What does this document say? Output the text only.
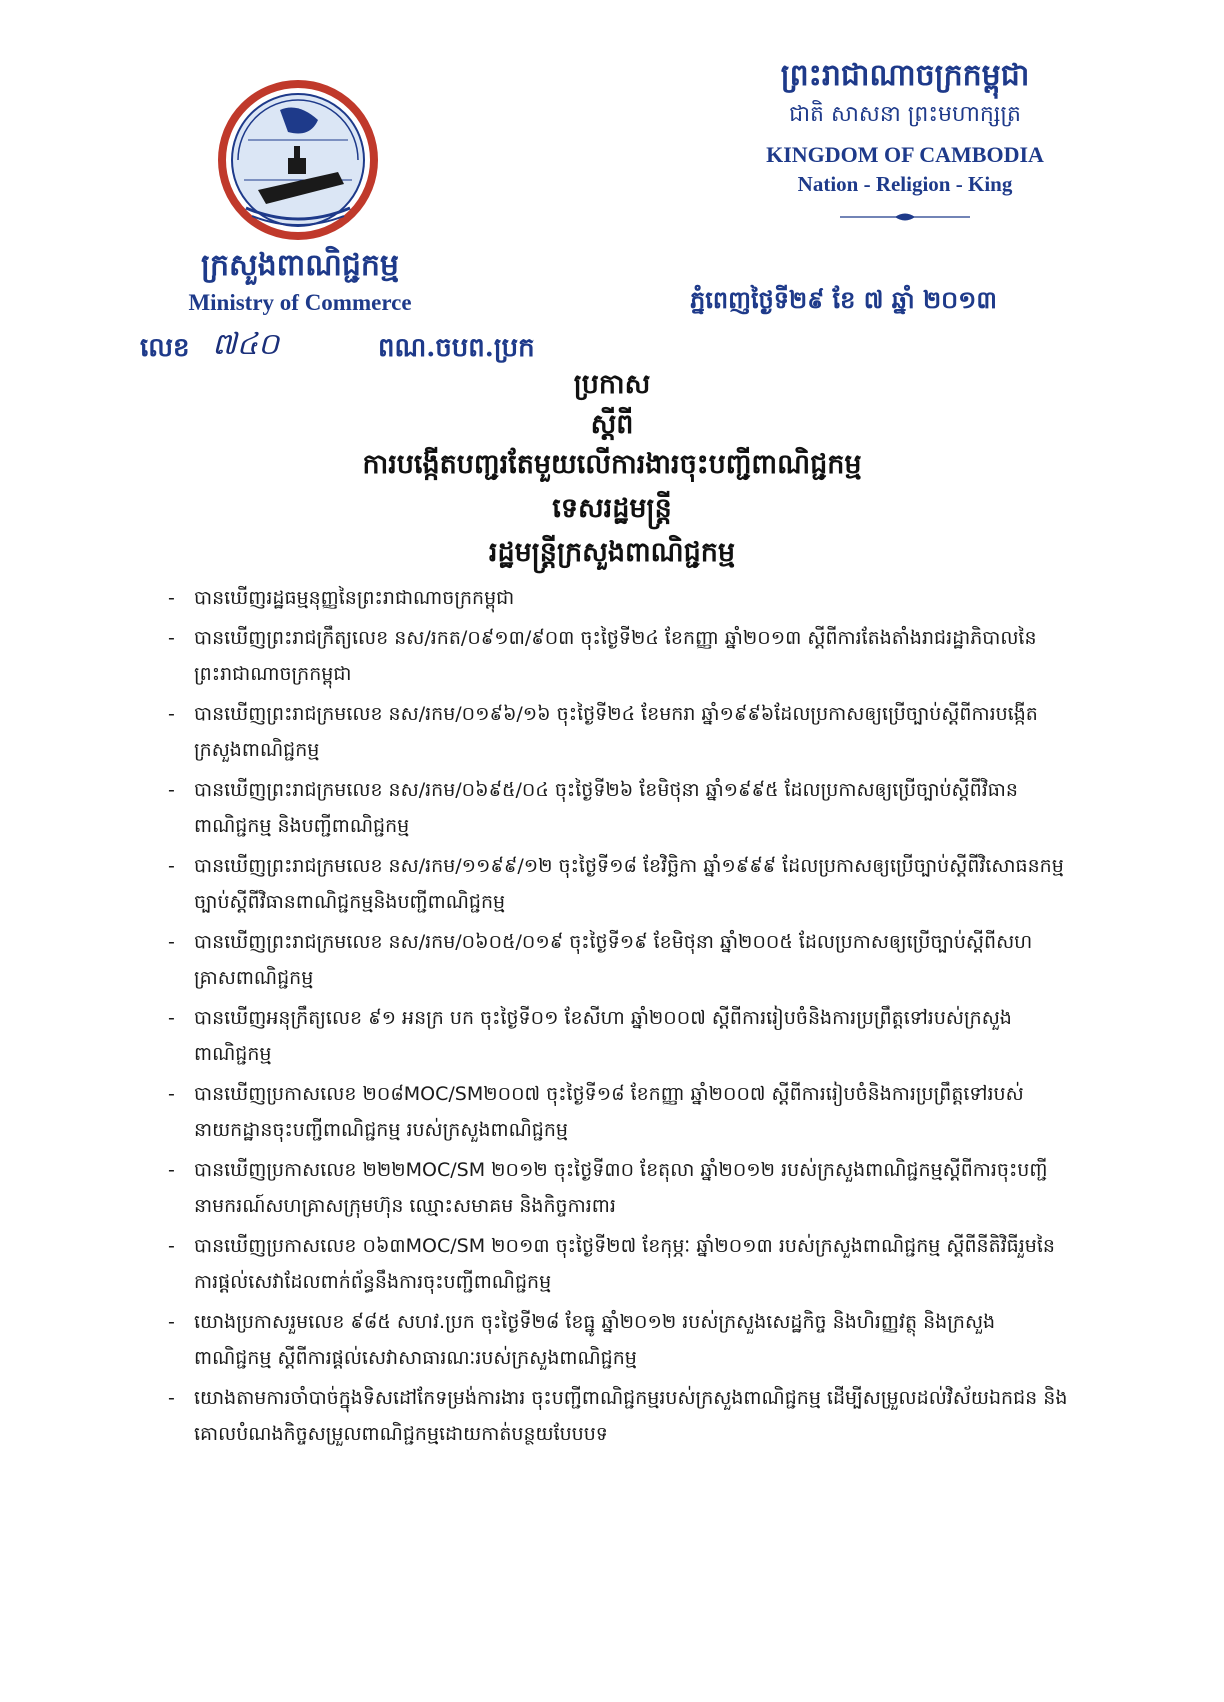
ក្រសួងពាណិជ្ជកម្ម
Ministry of Commerce
លេខ ៧៤០	ពណ.ចបព.ប្រក
ព្រះរាជាណាចក្រកម្ពុជា
ជាតិ សាសនា ព្រះមហាក្សត្រ
KINGDOM OF CAMBODIA
Nation - Religion - King
ភ្នំពេញថ្ងៃទី២៩ ខែ ៧ ឆ្នាំ ២០១៣
ប្រកាស
ស្តីពី
ការបង្កើតបញ្ជរតែមួយលើការងារចុះបញ្ជីពាណិជ្ជកម្ម
ទេសរដ្ឋមន្ត្រី
រដ្ឋមន្ត្រីក្រសួងពាណិជ្ជកម្ម
- បានឃើញរដ្ឋធម្មនុញ្ញនៃព្រះរាជាណាចក្រកម្ពុជា
- បានឃើញព្រះរាជក្រឹត្យលេខ នស/រកត/០៩១៣/៩០៣ ចុះថ្ងៃទី២៤ ខែកញ្ញា ឆ្នាំ២០១៣ ស្តីពីការតែងតាំងរាជរដ្ឋាភិបាលនៃព្រះរាជាណាចក្រកម្ពុជា
- បានឃើញព្រះរាជក្រមលេខ នស/រកម/០១៩៦/១៦ ចុះថ្ងៃទី២៤ ខែមករា ឆ្នាំ១៩៩៦ដែលប្រកាសឲ្យប្រើច្បាប់ស្តីពីការបង្កើតក្រសួងពាណិជ្ជកម្ម
- បានឃើញព្រះរាជក្រមលេខ នស/រកម/០៦៩៥/០៤ ចុះថ្ងៃទី២៦ ខែមិថុនា ឆ្នាំ១៩៩៥ ដែលប្រកាសឲ្យប្រើច្បាប់ស្តីពីវិធានពាណិជ្ជកម្ម និងបញ្ជីពាណិជ្ជកម្ម
- បានឃើញព្រះរាជក្រមលេខ នស/រកម/១១៩៩/១២ ចុះថ្ងៃទី១៨ ខែវិច្ឆិកា ឆ្នាំ១៩៩៩ ដែលប្រកាសឲ្យប្រើច្បាប់ស្តីពីវិសោធនកម្មច្បាប់ស្តីពីវិធានពាណិជ្ជកម្មនិងបញ្ជីពាណិជ្ជកម្ម
- បានឃើញព្រះរាជក្រមលេខ នស/រកម/០៦០៥/០១៩ ចុះថ្ងៃទី១៩ ខែមិថុនា ឆ្នាំ២០០៥ ដែលប្រកាសឲ្យប្រើច្បាប់ស្តីពីសហគ្រាសពាណិជ្ជកម្ម
- បានឃើញអនុក្រឹត្យលេខ ៩១ អនក្រ បក ចុះថ្ងៃទី០១ ខែសីហា ឆ្នាំ២០០៧ ស្តីពីការរៀបចំនិងការប្រព្រឹត្តទៅរបស់ក្រសួងពាណិជ្ជកម្ម
- បានឃើញប្រកាសលេខ ២០៨MOC/SM២០០៧ ចុះថ្ងៃទី១៨ ខែកញ្ញា ឆ្នាំ២០០៧ ស្តីពីការរៀបចំនិងការប្រព្រឹត្តទៅរបស់នាយកដ្ឋានចុះបញ្ជីពាណិជ្ជកម្ម របស់ក្រសួងពាណិជ្ជកម្ម
- បានឃើញប្រកាសលេខ ២២២MOC/SM ២០១២ ចុះថ្ងៃទី៣០ ខែតុលា ឆ្នាំ២០១២ របស់ក្រសួងពាណិជ្ជកម្មស្តីពីការចុះបញ្ជីនាមករណ៍សហគ្រាសក្រុមហ៊ុន ឈ្មោះសមាគម និងកិច្ចការពារ
- បានឃើញប្រកាសលេខ ០៦៣MOC/SM ២០១៣ ចុះថ្ងៃទី២៧ ខែកុម្ភៈ ឆ្នាំ២០១៣ របស់ក្រសួងពាណិជ្ជកម្ម ស្តីពីនីតិវិធីរួមនៃការផ្តល់សេវាដែលពាក់ព័ន្ធនឹងការចុះបញ្ជីពាណិជ្ជកម្ម
- យោងប្រកាសរួមលេខ ៩៨៥ សហវ.ប្រក ចុះថ្ងៃទី២៨ ខែធ្នូ ឆ្នាំ២០១២ របស់ក្រសួងសេដ្ឋកិច្ច និងហិរញ្ញវត្ថុ និងក្រសួងពាណិជ្ជកម្ម ស្តីពីការផ្តល់សេវាសាធារណៈរបស់ក្រសួងពាណិជ្ជកម្ម
- យោងតាមការចាំបាច់ក្នុងទិសដៅកែទម្រង់ការងារ ចុះបញ្ជីពាណិជ្ជកម្មរបស់ក្រសួងពាណិជ្ជកម្ម ដើម្បីសម្រួលដល់វិស័យឯកជន និងគោលបំណងកិច្ចសម្រួលពាណិជ្ជកម្មដោយកាត់បន្ថយបែបបទ
